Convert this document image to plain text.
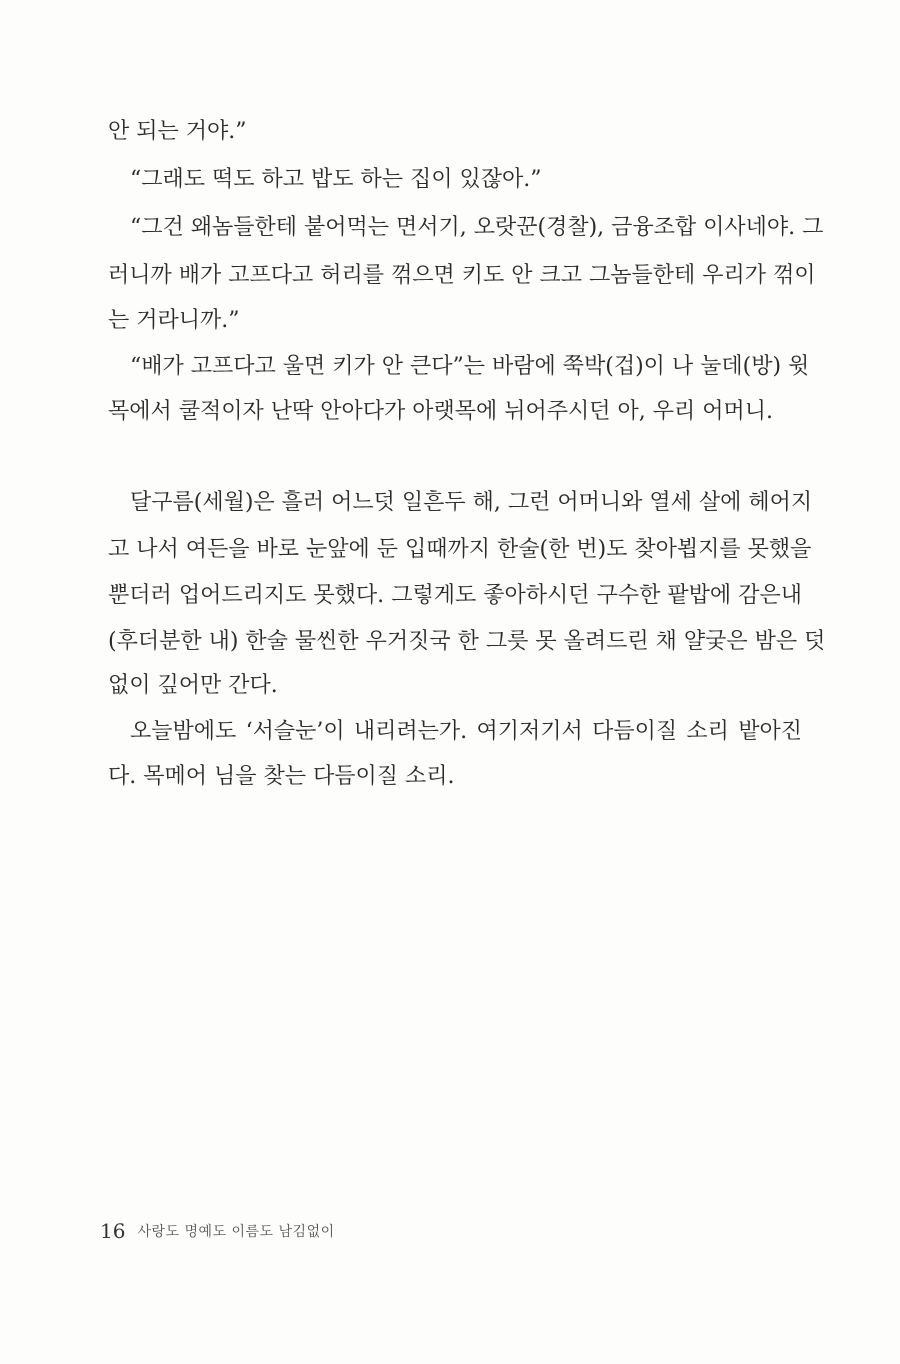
안 되는 거야.”
“그래도 떡도 하고 밥도 하는 집이 있잖아.”
“그건 왜놈들한테 붙어먹는 면서기, 오랏꾼(경찰), 금융조합 이사네야. 그
러니까 배가 고프다고 허리를 꺾으면 키도 안 크고 그놈들한테 우리가 꺾이
는 거라니까.”
“배가 고프다고 울면 키가 안 큰다”는 바람에 쭉박(겁)이 나 눌데(방) 윗
목에서 쿨적이자 난딱 안아다가 아랫목에 뉘어주시던 아, 우리 어머니.
달구름(세월)은 흘러 어느덧 일흔두 해, 그런 어머니와 열세 살에 헤어지
고 나서 여든을 바로 눈앞에 둔 입때까지 한술(한 번)도 찾아뵙지를 못했을
뿐더러 업어드리지도 못했다. 그렇게도 좋아하시던 구수한 팥밥에 감은내
(후더분한 내) 한술 물씬한 우거짓국 한 그릇 못 올려드린 채 얄궂은 밤은 덧
없이 깊어만 간다.
오늘밤에도 ‘서슬눈’이 내리려는가. 여기저기서 다듬이질 소리 밭아진
다. 목메어 님을 찾는 다듬이질 소리.
16 사랑도 명예도 이름도 남김없이
